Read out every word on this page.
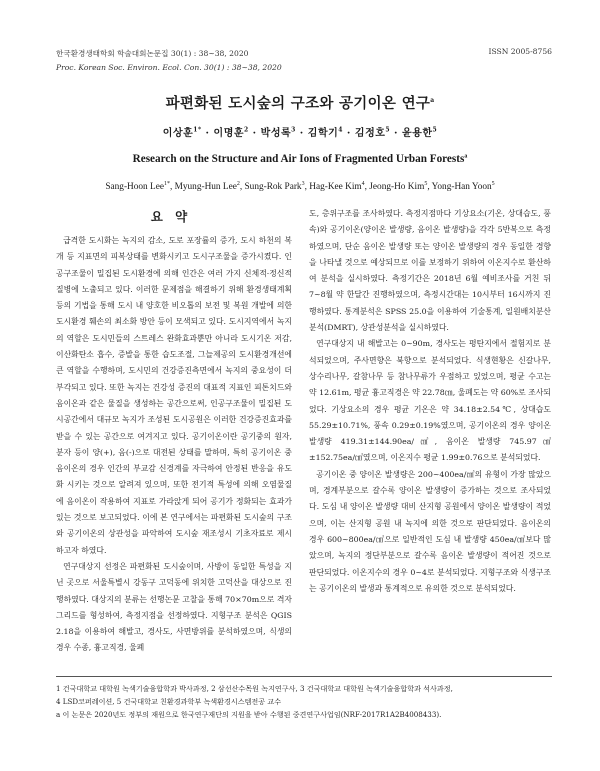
한국환경생태학회 학술대회논문집 30(1) : 38~38, 2020
Proc. Korean Soc. Environ. Ecol. Con. 30(1) : 38~38, 2020
ISSN 2005-8756
파편화된 도시숲의 구조와 공기이온 연구$^a$
이상훈$^{1*}$ · 이명훈$^2$ · 박성록$^3$ · 김학기$^4$ · 김정호$^5$ · 윤용한$^5$
Research on the Structure and Air Ions of Fragmented Urban Forests$^a$
Sang-Hoon Lee$^{1*}$, Myung-Hun Lee$^2$, Sung-Rok Park$^3$, Hag-Kee Kim$^4$, Jeong-Ho Kim$^5$, Yong-Han Yoon$^5$
요 약

급격한 도시화는 녹지의 감소, 도로 포장률의 증가, 도시 하천의 복개 등 지표면의 피복상태를 변화시키고 도시구조물을 증가시켰다. 인공구조물이 밀집된 도시환경에 의해 인간은 여러 가지 신체적·정신적 질병에 노출되고 있다. 이러한 문제점을 해결하기 위해 환경생태계획 등의 기법을 통해 도시 내 양호한 비오톱의 보전 및 복원 개발에 의한 도시환경 훼손의 최소화 방안 등이 모색되고 있다. 도시지역에서 녹지의 역할은 도시민들의 스트레스 완화효과뿐만 아니라 도시기온 저감, 이산화탄소 흡수, 증발을 통한 습도조절, 그늘제공의 도시환경개선에 큰 역할을 수행하며, 도시민의 건강증진측면에서 녹지의 중요성이 더 부각되고 있다. 또한 녹지는 건강성 증진의 대표적 지표인 피톤치드와 음이온과 같은 물질을 생성하는 공간으로써, 인공구조물이 밀집된 도시공간에서 대규모 녹지가 조성된 도시공원은 이러한 건강증진효과를 받을 수 있는 공간으로 여겨지고 있다. 공기이온이란 공기중의 원자, 분자 등이 양(+), 음(-)으로 대전된 상태를 말하며, 특히 공기이온 중 음이온의 경우 인간의 부교감 신경계를 자극하여 안정된 반응을 유도화 시키는 것으로 알려져 있으며, 또한 전기적 특성에 의해 오염물질에 음이온이 작용하여 지표로 가라앉게 되어 공기가 정화되는 효과가 있는 것으로 보고되었다. 이에 본 연구에서는 파편화된 도시숲의 구조와 공기이온의 상관성을 파악하여 도시숲 재조성시 기초자료로 제시하고자 하였다.

연구대상지 선정은 파편화된 도시숲이며, 사방이 동일한 특성을 지닌 곳으로 서울특별시 강동구 고덕동에 위치한 고덕산을 대상으로 진행하였다. 대상지의 분류는 선행논문 고찰을 통해 70×70m으로 격자그리드를 형성하여, 측정지점을 선정하였다. 지형구조 분석은 QGIS 2.18을 이용하여 해발고, 경사도, 사면방위를 분석하였으며, 식생의 경우 수종, 흉고직경, 울폐

도, 층위구조를 조사하였다. 측정지점마다 기상요소(기온, 상대습도, 풍속)와 공기이온(양이온 발생량, 음이온 발생량)을 각각 5반복으로 측정하였으며, 단순 음이온 발생량 또는 양이온 발생량의 경우 동일한 경향을 나타낼 것으로 예상되므로 이를 보정하기 위하여 이온지수로 환산하여 분석을 실시하였다. 측정기간은 2018년 6월 예비조사를 거친 뒤 7~8월 약 한달간 진행하였으며, 측정시간대는 10시부터 16시까지 진행하였다. 통계분석은 SPSS 25.0을 이용하여 기술통계, 일원배치분산분석(DMRT), 상관성분석을 실시하였다.

연구대상지 내 해발고는 0~90m, 경사도는 평탄지에서 절험지로 분석되었으며, 주사면향은 북향으로 분석되었다. 식생현황은 신갈나무, 상수리나무, 갈참나무 등 참나무류가 우점하고 있었으며, 평균 수고는 약 12.61m, 평균 흉고직경은 약 22.78㎝, 울폐도는 약 60%로 조사되었다. 기상요소의 경우 평균 기온은 약 34.18±2.54℃, 상대습도 55.29±10.71%, 풍속 0.29±0.19%였으며, 공기이온의 경우 양이온 발생량 419.31±144.90ea/㎤, 음이온 발생량 745.97㎤±152.75ea/㎤였으며, 이온지수 평균 1.99±0.76으로 분석되었다.

공기이온 중 양이온 발생량은 200~400ea/㎤의 유형이 가장 많았으며, 경계부분으로 갈수록 양이온 발생량이 증가하는 것으로 조사되었다. 도심 내 양이온 발생량 대비 산지형 공원에서 양이온 발생량이 적었으며, 이는 산지형 공원 내 녹지에 의한 것으로 판단되었다. 음이온의 경우 600~800ea/㎤으로 일반적인 도심 내 발생량 450ea/㎤보다 많았으며, 녹지의 정단부분으로 갈수록 음이온 발생량이 적어진 것으로 판단되었다. 이온지수의 경우 0~4로 분석되었다. 지형구조와 식생구조는 공기이온의 발생과 통계적으로 유의한 것으로 분석되었다.

1 건국대학교 대학원 녹색기술융합학과 박사과정, 2 삼선산수목원 녹지연구사, 3 건국대학교 대학원 녹색기술융합학과 석사과정,
4 LSD코퍼레이션, 5 건국대학교 친환경과학부 녹색환경시스템전공 교수
a 이 논문은 2020년도 정부의 재원으로 한국연구재단의 지원을 받아 수행된 중견연구사업임(NRF-2017R1A2B4008433).
